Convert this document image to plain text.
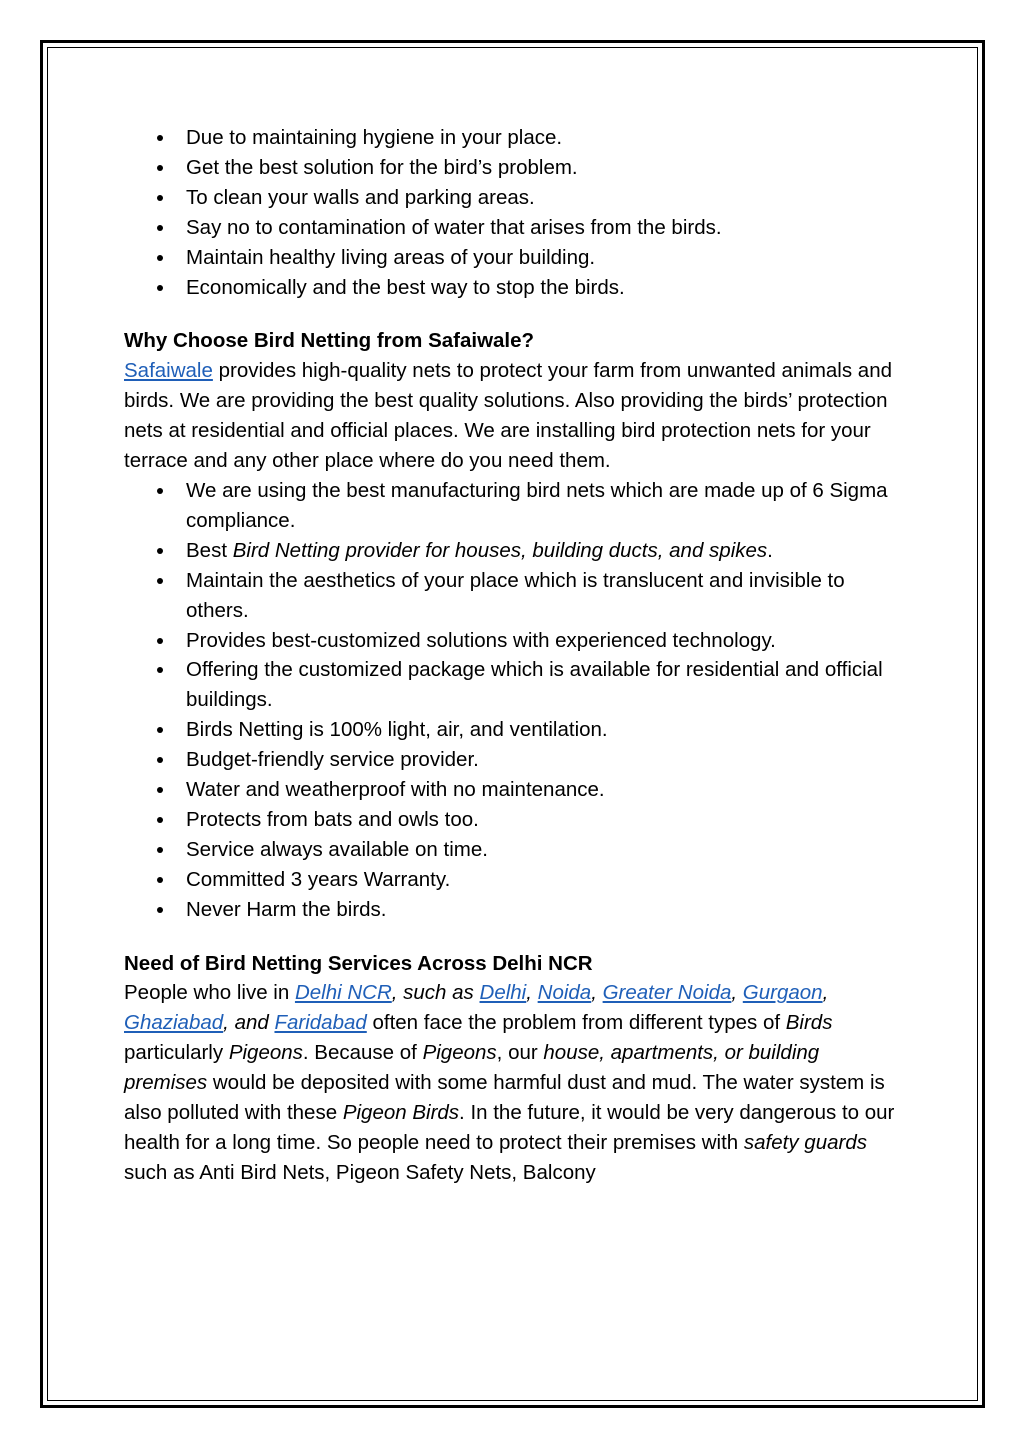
Due to maintaining hygiene in your place.
Get the best solution for the bird’s problem.
To clean your walls and parking areas.
Say no to contamination of water that arises from the birds.
Maintain healthy living areas of your building.
Economically and the best way to stop the birds.

Why Choose Bird Netting from Safaiwale?

Safaiwale provides high-quality nets to protect your farm from unwanted animals and birds. We are providing the best quality solutions. Also providing the birds’ protection nets at residential and official places. We are installing bird protection nets for your terrace and any other place where do you need them.

We are using the best manufacturing bird nets which are made up of 6 Sigma compliance.
Best Bird Netting provider for houses, building ducts, and spikes.
Maintain the aesthetics of your place which is translucent and invisible to others.
Provides best-customized solutions with experienced technology.
Offering the customized package which is available for residential and official buildings.
Birds Netting is 100% light, air, and ventilation.
Budget-friendly service provider.
Water and weatherproof with no maintenance.
Protects from bats and owls too.
Service always available on time.
Committed 3 years Warranty.
Never Harm the birds.

Need of Bird Netting Services Across Delhi NCR

People who live in Delhi NCR, such as Delhi, Noida, Greater Noida, Gurgaon, Ghaziabad, and Faridabad often face the problem from different types of Birds particularly Pigeons. Because of Pigeons, our house, apartments, or building premises would be deposited with some harmful dust and mud. The water system is also polluted with these Pigeon Birds. In the future, it would be very dangerous to our health for a long time. So people need to protect their premises with safety guards such as Anti Bird Nets, Pigeon Safety Nets, Balcony
